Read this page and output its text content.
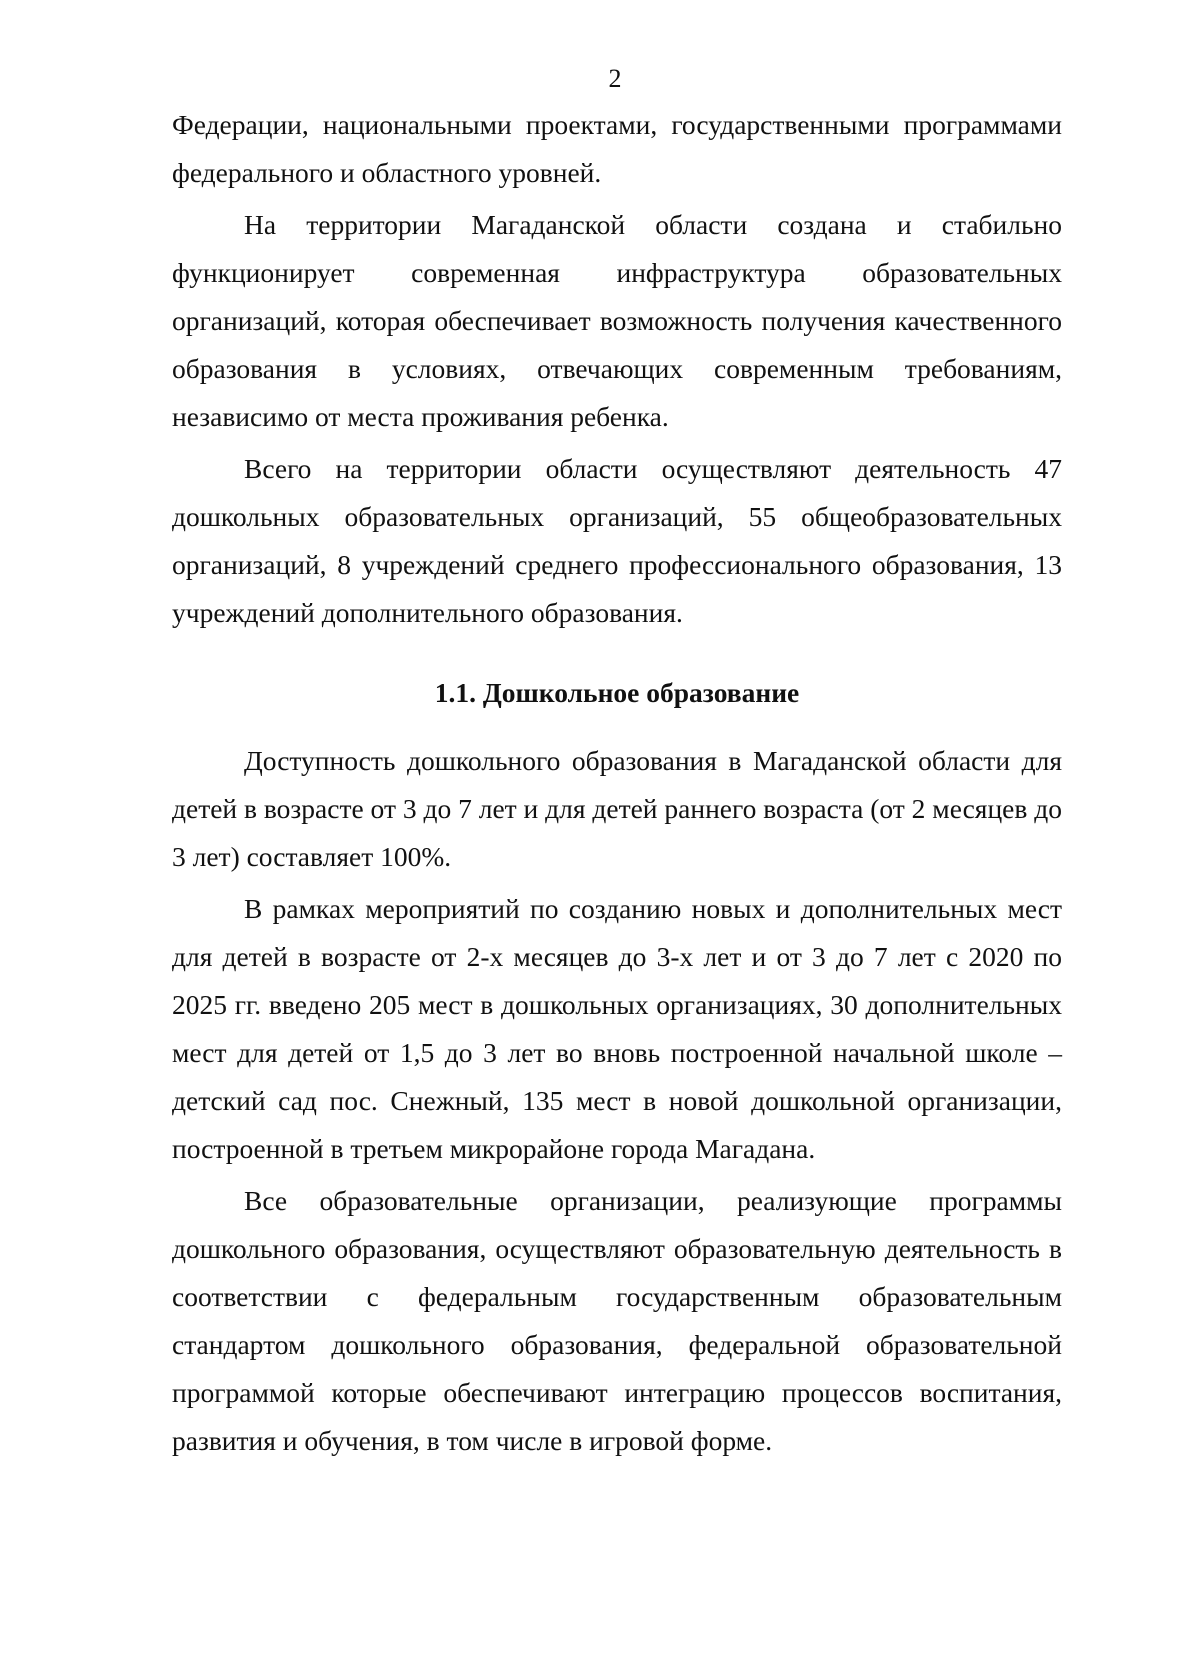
2

Федерации, национальными проектами, государственными программами федерального и областного уровней.

На территории Магаданской области создана и стабильно функционирует современная инфраструктура образовательных организаций, которая обеспечивает возможность получения качественного образования в условиях, отвечающих современным требованиям, независимо от места проживания ребенка.

Всего на территории области осуществляют деятельность 47 дошкольных образовательных организаций, 55 общеобразовательных организаций, 8 учреждений среднего профессионального образования, 13 учреждений дополнительного образования.

1.1. Дошкольное образование

Доступность дошкольного образования в Магаданской области для детей в возрасте от 3 до 7 лет и для детей раннего возраста (от 2 месяцев до 3 лет) составляет 100%.

В рамках мероприятий по созданию новых и дополнительных мест для детей в возрасте от 2-х месяцев до 3-х лет и от 3 до 7 лет с 2020 по 2025 гг. введено 205 мест в дошкольных организациях, 30 дополнительных мест для детей от 1,5 до 3 лет во вновь построенной начальной школе – детский сад пос. Снежный, 135 мест в новой дошкольной организации, построенной в третьем микрорайоне города Магадана.

Все образовательные организации, реализующие программы дошкольного образования, осуществляют образовательную деятельность в соответствии с федеральным государственным образовательным стандартом дошкольного образования, федеральной образовательной программой которые обеспечивают интеграцию процессов воспитания, развития и обучения, в том числе в игровой форме.
